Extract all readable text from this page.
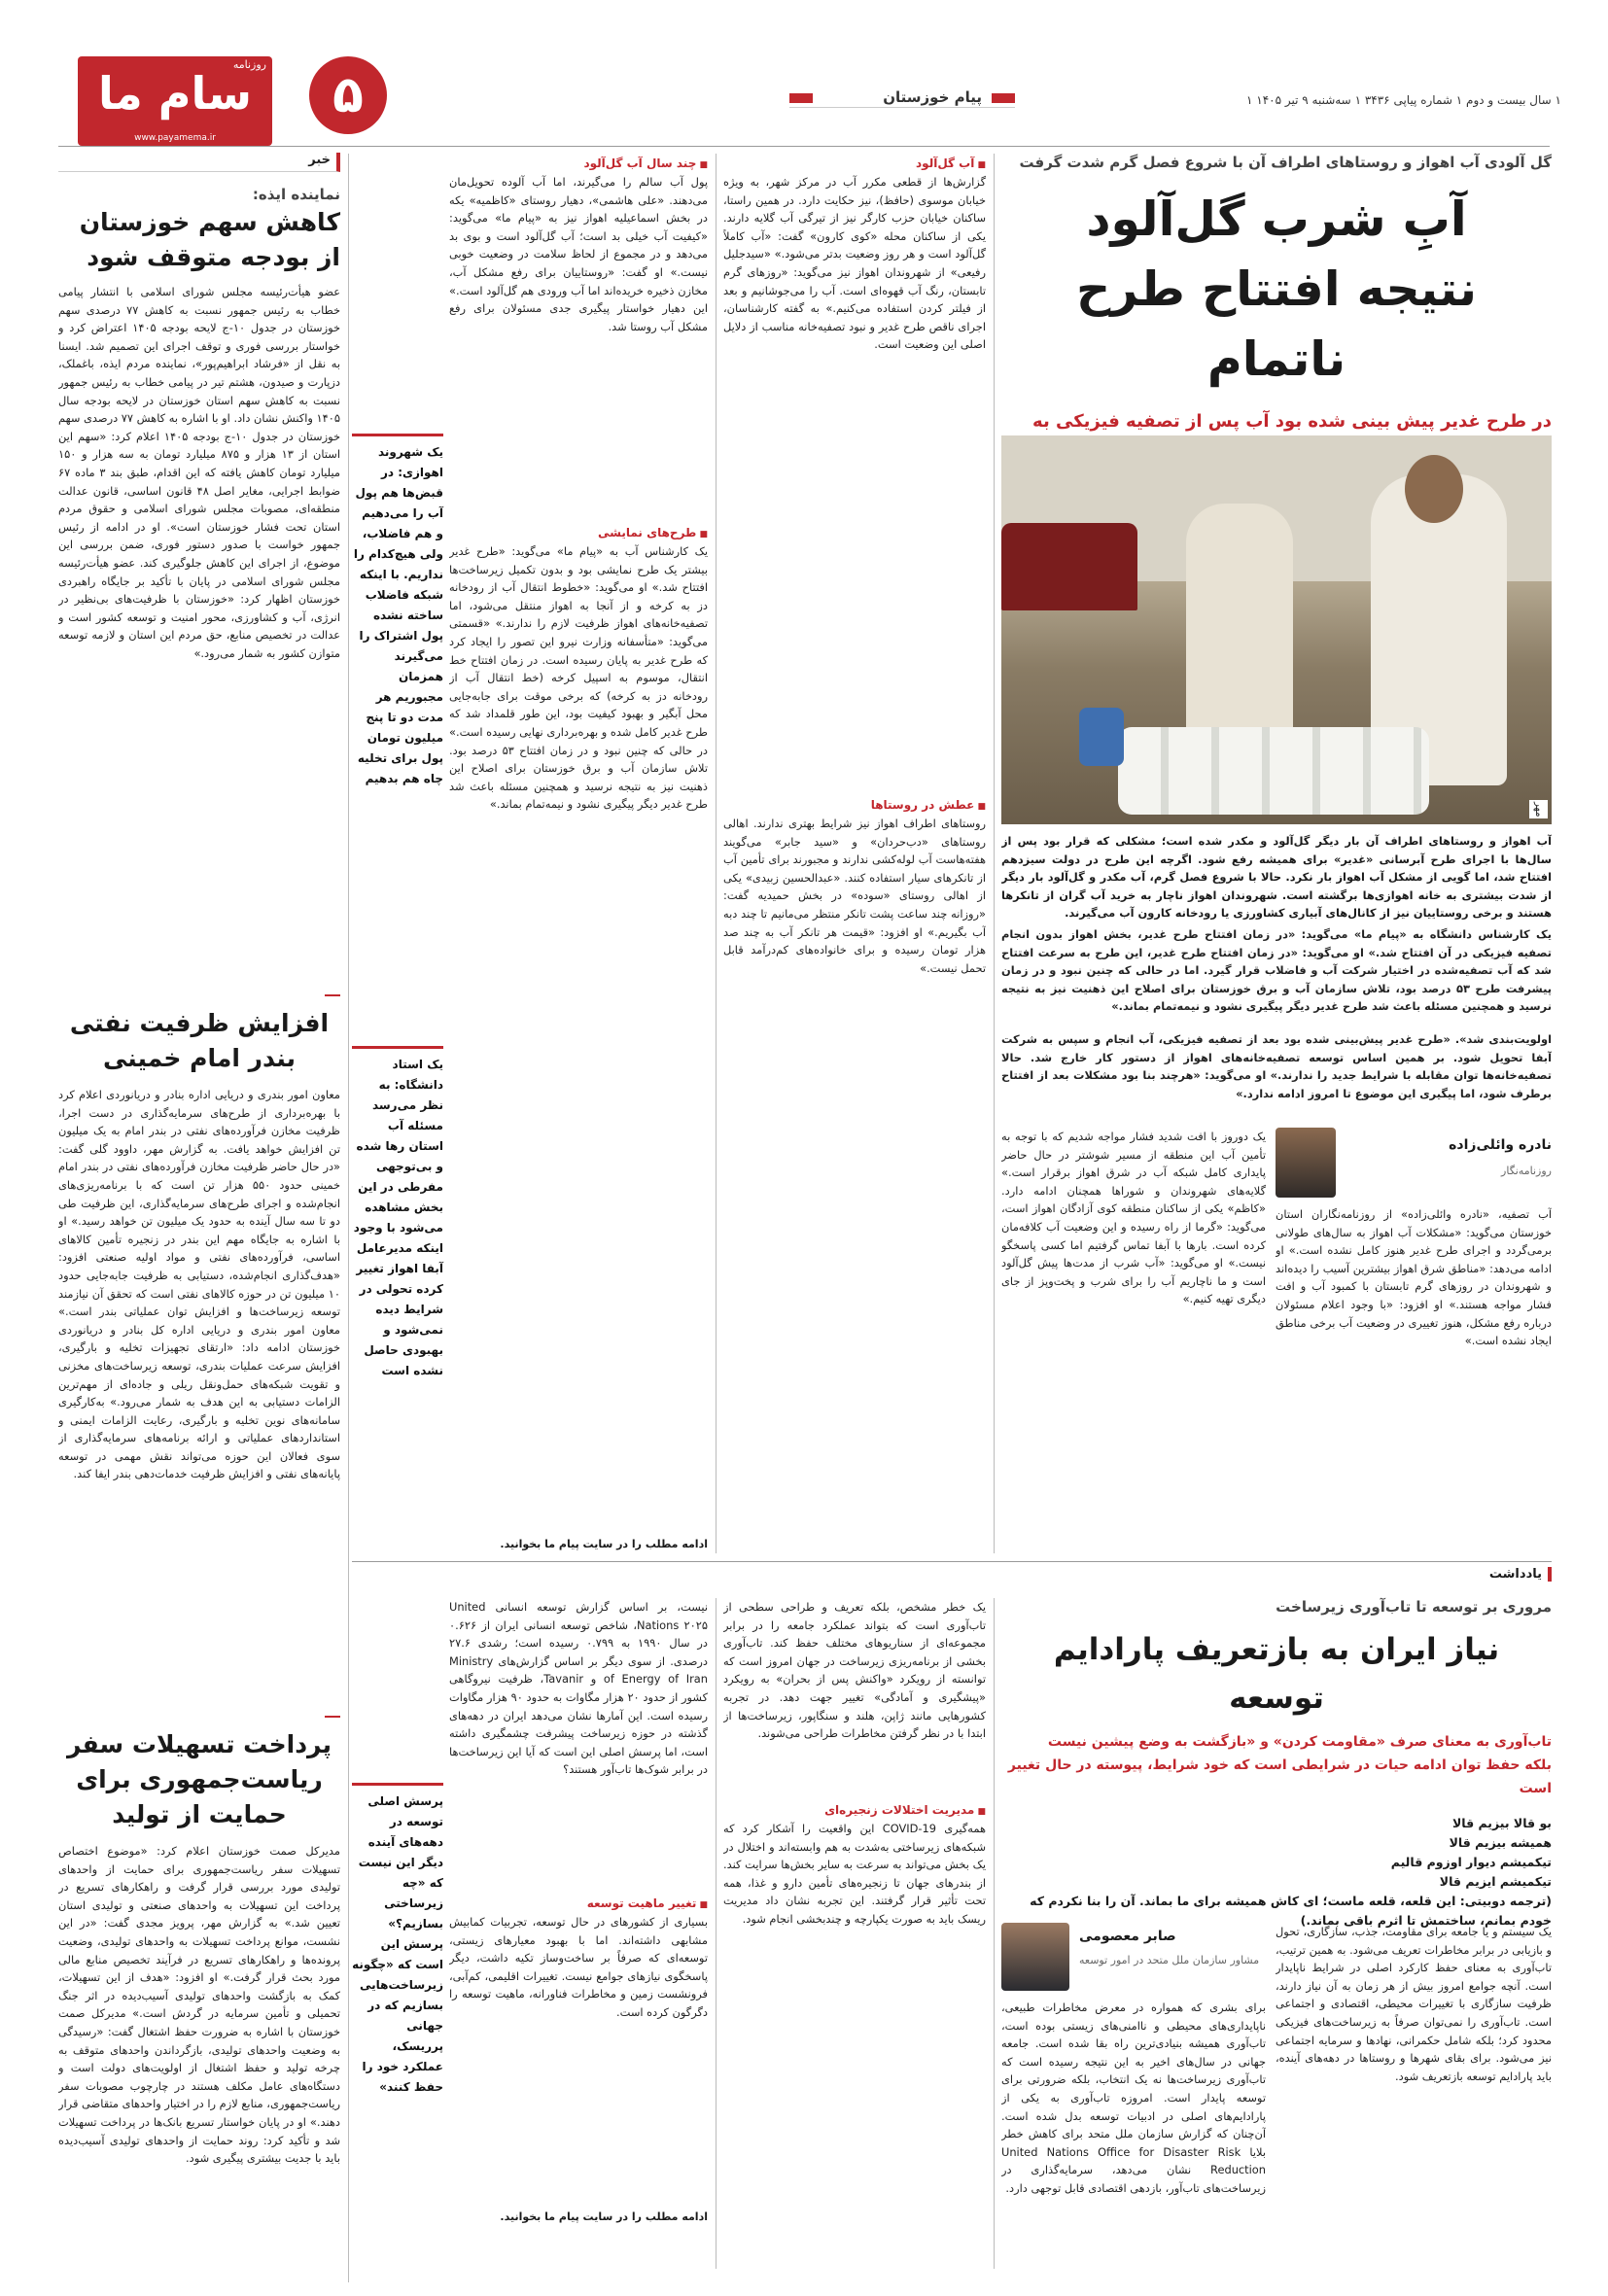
سام ما
روزنامه
www.payamema.ir
۵	پیام خوزستان	۱ سال بیست و دوم ۱ شماره پیاپی ۳۴۳۶ ۱ سه‌شنبه ۹ تیر ۱۴۰۵ ۱
خبر
نماینده ایذه:
کاهش سهم خوزستان از بودجه متوقف شود

عضو هیأت‌رئیسه مجلس شورای اسلامی با انتشار پیامی خطاب به رئیس جمهور نسبت به کاهش ۷۷ درصدی سهم خوزستان در جدول ۱۰-ج لایحه بودجه ۱۴۰۵ اعتراض کرد و خواستار بررسی فوری و توقف اجرای این تصمیم شد. ایسنا به نقل از «فرشاد ابراهیم‌پور»، نماینده مردم ایذه، باغملک، دزپارت و صیدون، هشتم تیر در پیامی خطاب به رئیس جمهور نسبت به کاهش سهم استان خوزستان در لایحه بودجه سال ۱۴۰۵ واکنش نشان داد. او با اشاره به کاهش ۷۷ درصدی سهم خوزستان در جدول ۱۰-ج بودجه ۱۴۰۵ اعلام کرد: «سهم این استان از ۱۳ هزار و ۸۷۵ میلیارد تومان به سه هزار و ۱۵۰ میلیارد تومان کاهش یافته که این اقدام، طبق بند ۳ ماده ۶۷ ضوابط اجرایی، مغایر اصل ۴۸ قانون اساسی، قانون عدالت منطقه‌ای، مصوبات مجلس شورای اسلامی و حقوق مردم استان تحت فشار خوزستان است». او در ادامه از رئیس جمهور خواست با صدور دستور فوری، ضمن بررسی این موضوع، از اجرای این کاهش جلوگیری کند. عضو هیأت‌رئیسه مجلس شورای اسلامی در پایان با تأکید بر جایگاه راهبردی خوزستان اظهار کرد: «خوزستان با ظرفیت‌های بی‌نظیر در انرژی، آب و کشاورزی، محور امنیت و توسعه کشور است و عدالت در تخصیص منابع، حق مردم این استان و لازمه توسعه متوازن کشور به شمار می‌رود.»

افزایش ظرفیت نفتی بندر امام خمینی

معاون امور بندری و دریایی اداره بنادر و دریانوردی اعلام کرد با بهره‌برداری از طرح‌های سرمایه‌گذاری در دست اجرا، ظرفیت مخازن فرآورده‌های نفتی در بندر امام به یک میلیون تن افزایش خواهد یافت. به گزارش مهر، داوود گلی گفت: «در حال حاضر ظرفیت مخازن فرآورده‌های نفتی در بندر امام خمینی حدود ۵۵۰ هزار تن است که با برنامه‌ریزی‌های انجام‌شده و اجرای طرح‌های سرمایه‌گذاری، این ظرفیت طی دو تا سه سال آینده به حدود یک میلیون تن خواهد رسید.» او با اشاره به جایگاه مهم این بندر در زنجیره تأمین کالاهای اساسی، فرآورده‌های نفتی و مواد اولیه صنعتی افزود: «هدف‌گذاری انجام‌شده، دستیابی به ظرفیت جابه‌جایی حدود ۱۰ میلیون تن در حوزه کالاهای نفتی است که تحقق آن نیازمند توسعه زیرساخت‌ها و افزایش توان عملیاتی بندر است.» معاون امور بندری و دریایی اداره کل بنادر و دریانوردی خوزستان ادامه داد: «ارتقای تجهیزات تخلیه و بارگیری، افزایش سرعت عملیات بندری، توسعه زیرساخت‌های مخزنی و تقویت شبکه‌های حمل‌ونقل ریلی و جاده‌ای از مهم‌ترین الزامات دستیابی به این هدف به شمار می‌رود.» به‌کارگیری سامانه‌های نوین تخلیه و بارگیری، رعایت الزامات ایمنی و استانداردهای عملیاتی و ارائه برنامه‌های سرمایه‌گذاری از سوی فعالان این حوزه می‌تواند نقش مهمی در توسعه پایانه‌های نفتی و افزایش ظرفیت خدمات‌دهی بندر ایفا کند.

پرداخت تسهیلات سفر ریاست‌جمهوری برای حمایت از تولید

مدیرکل صمت خوزستان اعلام کرد: «موضوع اختصاص تسهیلات سفر ریاست‌جمهوری برای حمایت از واحدهای تولیدی مورد بررسی قرار گرفت و راهکارهای تسریع در پرداخت این تسهیلات به واحدهای صنعتی و تولیدی استان تعیین شد.» به گزارش مهر، پرویز مجدی گفت: «در این نشست، موانع پرداخت تسهیلات به واحدهای تولیدی، وضعیت پرونده‌ها و راهکارهای تسریع در فرآیند تخصیص منابع مالی مورد بحث قرار گرفت.» او افزود: «هدف از این تسهیلات، کمک به بازگشت واحدهای تولیدی آسیب‌دیده در اثر جنگ تحمیلی و تأمین سرمایه در گردش است.» مدیرکل صمت خوزستان با اشاره به ضرورت حفظ اشتغال گفت: «رسیدگی به وضعیت واحدهای تولیدی، بازگرداندن واحدهای متوقف به چرخه تولید و حفظ اشتغال از اولویت‌های دولت است و دستگاه‌های عامل مکلف هستند در چارچوب مصوبات سفر ریاست‌جمهوری، منابع لازم را در اختیار واحدهای متقاضی قرار دهند.» او در پایان خواستار تسریع بانک‌ها در پرداخت تسهیلات شد و تأکید کرد: روند حمایت از واحدهای تولیدی آسیب‌دیده باید با جدیت بیشتری پیگیری شود.

گل آلودی آب اهواز و روستاهای اطراف آن با شروع فصل گرم شدت گرفت
آبِ شرب گل‌آلود
نتیجه افتتاح طرح ناتمام
در طرح غدیر پیش بینی شده بود آب پس از تصفیه فیزیکی به
مهر

آب اهواز و روستاهای اطراف آن بار دیگر گل‌آلود و مکدر شده است؛ مشکلی که قرار بود پس از سال‌ها با اجرای طرح آبرسانی «غدیر» برای همیشه رفع شود. اگرچه این طرح در دولت سیزدهم افتتاح شد، اما گویی از مشکل آب اهواز بار نکرد. حالا با شروع فصل گرم، آب مکدر و گل‌آلود بار دیگر از شدت بیشتری به خانه اهوازی‌ها برگشته است. شهروندان اهواز ناچار به خرید آب گران از تانکرها هستند و برخی روستاییان نیز از کانال‌های آبیاری کشاورزی یا رودخانه کارون آب می‌گیرند.

یک کارشناس دانشگاه به «پیام ما» می‌گوید: «در زمان افتتاح طرح غدیر، بخش اهواز بدون انجام تصفیه فیزیکی در آن افتتاح شد.» او می‌گوید: «در زمان افتتاح طرح غدیر، این طرح به سرعت افتتاح شد که آب تصفیه‌شده در اختیار شرکت آب و فاضلاب قرار گیرد. اما در حالی که چنین نبود و در زمان پیشرفت طرح ۵۳ درصد بود، تلاش سازمان آب و برق خوزستان برای اصلاح این ذهنیت نیز به نتیجه نرسید و همچنین مسئله باعث شد طرح غدیر دیگر پیگیری نشود و نیمه‌تمام بماند.»

اولویت‌بندی شد». «طرح غدیر پیش‌بینی شده بود بعد از تصفیه فیزیکی، آب انجام و سپس به شرکت آبفا تحویل شود. بر همین اساس توسعه تصفیه‌خانه‌های اهواز از دستور کار خارج شد. حالا تصفیه‌خانه‌ها توان مقابله با شرایط جدید را ندارند.» او می‌گوید: «هرچند بنا بود مشکلات بعد از افتتاح برطرف شود، اما پیگیری این موضوع تا امروز ادامه ندارد.»

نادره وائلی‌زاده
روزنامه‌نگار

یک دوروز با افت شدید فشار مواجه شدیم که با توجه به تأمین آب این منطقه از مسیر شوشتر در حال حاضر پایداری کامل شبکه آب در شرق اهواز برقرار است.» گلایه‌های شهروندان و شوراها همچنان ادامه دارد. «کاظم» یکی از ساکنان منطقه کوی آزادگان اهواز است، می‌گوید: «گرما از راه رسیده و این وضعیت آب کلافه‌مان کرده است. بارها با آبفا تماس گرفتیم اما کسی پاسخگو نیست.» او می‌گوید: «آب شرب از مدت‌ها پیش گل‌آلود است و ما ناچاریم آب را برای شرب و پخت‌وپز از جای دیگری تهیه کنیم.»

آب تصفیه، «نادره وائلی‌زاده» از روزنامه‌نگاران استان خوزستان می‌گوید: «مشکلات آب اهواز به سال‌های طولانی برمی‌گردد و اجرای طرح غدیر هنوز کامل نشده است.» او ادامه می‌دهد: «مناطق شرق اهواز بیشترین آسیب را دیده‌اند و شهروندان در روزهای گرم تابستان با کمبود آب و افت فشار مواجه هستند.» او افزود: «با وجود اعلام مسئولان درباره رفع مشکل، هنوز تغییری در وضعیت آب برخی مناطق ایجاد نشده است.»

■ آب گل‌آلود

گزارش‌ها از قطعی مکرر آب در مرکز شهر، به ویژه خیابان موسوی (حافظ)، نیز حکایت دارد. در همین راستا، ساکنان خیابان حزب کارگر نیز از تیرگی آب گلایه دارند. یکی از ساکنان محله «کوی کارون» گفت: «آب کاملاً گل‌آلود است و هر روز وضعیت بدتر می‌شود.» «سیدجلیل رفیعی» از شهروندان اهواز نیز می‌گوید: «روزهای گرم تابستان، رنگ آب قهوه‌ای است. آب را می‌جوشانیم و بعد از فیلتر کردن استفاده می‌کنیم.» به گفته کارشناسان، اجرای ناقص طرح غدیر و نبود تصفیه‌خانه مناسب از دلایل اصلی این وضعیت است.

■ عطش در روستاها

روستاهای اطراف اهواز نیز شرایط بهتری ندارند. اهالی روستاهای «دب‌حردان» و «سید جابر» می‌گویند هفته‌هاست آب لوله‌کشی ندارند و مجبورند برای تأمین آب از تانکرهای سیار استفاده کنند. «عبدالحسین زبیدی» یکی از اهالی روستای «سوده» در بخش حمیدیه گفت: «روزانه چند ساعت پشت تانکر منتظر می‌مانیم تا چند دبه آب بگیریم.» او افزود: «قیمت هر تانکر آب به چند صد هزار تومان رسیده و برای خانواده‌های کم‌درآمد قابل تحمل نیست.»

■ چند سال آب گل‌آلود

پول آب سالم را می‌گیرند، اما آب آلوده تحویل‌مان می‌دهند. «علی هاشمی»، دهیار روستای «کاظمیه» یکه در بخش اسماعیلیه اهواز نیز به «پیام ما» می‌گوید: «کیفیت آب خیلی بد است؛ آب گل‌آلود است و بوی بد می‌دهد و در مجموع از لحاظ سلامت در وضعیت خوبی نیست.» او گفت: «روستاییان برای رفع مشکل آب، مخازن ذخیره خریده‌اند اما آب ورودی هم گل‌آلود است.» این دهیار خواستار پیگیری جدی مسئولان برای رفع مشکل آب روستا شد.

■ طرح‌های نمایشی

یک کارشناس آب به «پیام ما» می‌گوید: «طرح غدیر بیشتر یک طرح نمایشی بود و بدون تکمیل زیرساخت‌ها افتتاح شد.» او می‌گوید: «خطوط انتقال آب از رودخانه دز به کرخه و از آنجا به اهواز منتقل می‌شود، اما تصفیه‌خانه‌های اهواز ظرفیت لازم را ندارند.» «قسمتی می‌گوید: «متأسفانه وزارت نیرو این تصور را ایجاد کرد که طرح غدیر به پایان رسیده است. در زمان افتتاح خط انتقال، موسوم به اسپیل کرخه (خط انتقال آب از رودخانه دز به کرخه) که برخی موقت برای جابه‌جایی محل آبگیر و بهبود کیفیت بود، این طور قلمداد شد که طرح غدیر کامل شده و بهره‌برداری نهایی رسیده است.» در حالی که چنین نبود و در زمان افتتاح ۵۳ درصد بود. تلاش سازمان آب و برق خوزستان برای اصلاح این ذهنیت نیز به نتیجه نرسید و همچنین مسئله باعث شد طرح غدیر دیگر پیگیری نشود و نیمه‌تمام بماند.»

یک شهروند اهوازی: در قبض‌ها هم پول آب را می‌دهیم و هم فاضلاب، ولی هیچ‌کدام را نداریم. با اینکه شبکه فاضلاب ساخته نشده پول اشتراک را می‌گیرند همزمان مجبوریم هر مدت دو تا پنج میلیون تومان پول برای تخلیه چاه هم بدهیم

یک استاد دانشگاه: به نظر می‌رسد مسئله آب استان رها شده و بی‌توجهی مفرطی در این بخش مشاهده می‌شود با وجود اینکه مدیرعامل آبفا اهواز تغییر کرده تحولی در شرایط دیده نمی‌شود و بهبودی حاصل نشده است

ادامه مطلب را در سایت پیام ما بخوانید.
یادداشت
مروری بر توسعه تا تاب‌آوری زیرساخت
نیاز ایران به بازتعریف پارادایم توسعه
تاب‌آوری به معنای صرف «مقاومت کردن» و «بازگشت به وضع پیشین نیست
بلکه حفظ توان ادامه حیات در شرایطی است که خود شرایط، پیوسته در حال تغییر است
بو قالا بیزیم قالا
همیشه بیزیم قالا
تیکمیشم دیوار اوزوم قالیم
تیکمیشم ایزیم قالا
(ترجمه دوبیتی: این قلعه، قلعه ماست؛ ای کاش همیشه برای ما بماند. آن را بنا نکردم که خودم بمانم، ساختمش تا اثرم باقی بماند.)
صابر معصومی
مشاور سازمان ملل متحد در امور توسعه

یک سیستم و یا جامعه برای مقاومت، جذب، سازگاری، تحول و بازیابی در برابر مخاطرات تعریف می‌شود. به همین ترتیب، تاب‌آوری به معنای حفظ کارکرد اصلی در شرایط ناپایدار است. آنچه جوامع امروز بیش از هر زمان به آن نیاز دارند، ظرفیت سازگاری با تغییرات محیطی، اقتصادی و اجتماعی است. تاب‌آوری را نمی‌توان صرفاً به زیرساخت‌های فیزیکی محدود کرد؛ بلکه شامل حکمرانی، نهادها و سرمایه اجتماعی نیز می‌شود. برای بقای شهرها و روستاها در دهه‌های آینده، باید پارادایم توسعه بازتعریف شود.

برای بشری که همواره در معرض مخاطرات طبیعی، ناپایداری‌های محیطی و ناامنی‌های زیستی بوده است، تاب‌آوری همیشه بنیادی‌ترین راه بقا شده است. جامعه جهانی در سال‌های اخیر به این نتیجه رسیده است که تاب‌آوری زیرساخت‌ها نه یک انتخاب، بلکه ضرورتی برای توسعه پایدار است. امروزه تاب‌آوری به یکی از پارادایم‌های اصلی در ادبیات توسعه بدل شده است. آن‌چنان که گزارش سازمان ملل متحد برای کاهش خطر بلایا United Nations Office for Disaster Risk Reduction نشان می‌دهد، سرمایه‌گذاری در زیرساخت‌های تاب‌آور، بازدهی اقتصادی قابل توجهی دارد.

یک خطر مشخص، بلکه تعریف و طراحی سطحی از تاب‌آوری است که بتواند عملکرد جامعه را در برابر مجموعه‌ای از سناریوهای مختلف حفظ کند. تاب‌آوری بخشی از برنامه‌ریزی زیرساخت در جهان امروز است که توانسته از رویکرد «واکنش پس از بحران» به رویکرد «پیشگیری و آمادگی» تغییر جهت دهد. در تجربه کشورهایی مانند ژاپن، هلند و سنگاپور، زیرساخت‌ها از ابتدا با در نظر گرفتن مخاطرات طراحی می‌شوند.

■ مدیریت اختلالات زنجیره‌ای

همه‌گیری COVID-19 این واقعیت را آشکار کرد که شبکه‌های زیرساختی به‌شدت به هم وابسته‌اند و اختلال در یک بخش می‌تواند به سرعت به سایر بخش‌ها سرایت کند. از بندرهای جهان تا زنجیره‌های تأمین دارو و غذا، همه تحت تأثیر قرار گرفتند. این تجربه نشان داد مدیریت ریسک باید به صورت یکپارچه و چندبخشی انجام شود.

نیست، بر اساس گزارش توسعه انسانی United Nations ۲۰۲۵، شاخص توسعه انسانی ایران از ۰.۶۲۶ در سال ۱۹۹۰ به ۰.۷۹۹ رسیده است؛ رشدی ۲۷.۶ درصدی. از سوی دیگر بر اساس گزارش‌های Ministry of Energy of Iran و Tavanir، ظرفیت نیروگاهی کشور از حدود ۲۰ هزار مگاوات به حدود ۹۰ هزار مگاوات رسیده است. این آمارها نشان می‌دهد ایران در دهه‌های گذشته در حوزه زیرساخت پیشرفت چشمگیری داشته است، اما پرسش اصلی این است که آیا این زیرساخت‌ها در برابر شوک‌ها تاب‌آور هستند؟

■ تغییر ماهیت توسعه

بسیاری از کشورهای در حال توسعه، تجربیات کمابیش مشابهی داشته‌اند. اما با بهبود معیارهای زیستی، توسعه‌ای که صرفاً بر ساخت‌وساز تکیه داشت، دیگر پاسخگوی نیازهای جوامع نیست. تغییرات اقلیمی، کم‌آبی، فرونشست زمین و مخاطرات فناورانه، ماهیت توسعه را دگرگون کرده است.

ادامه مطلب را در سایت پیام ما بخوانید.

پرسش اصلی توسعه در دهه‌های آینده دیگر این نیست که «چه زیرساختی بسازیم؟» پرسش این است که «چگونه زیرساخت‌هایی بسازیم که در جهانی پرریسک، عملکرد خود را حفظ کنند»
